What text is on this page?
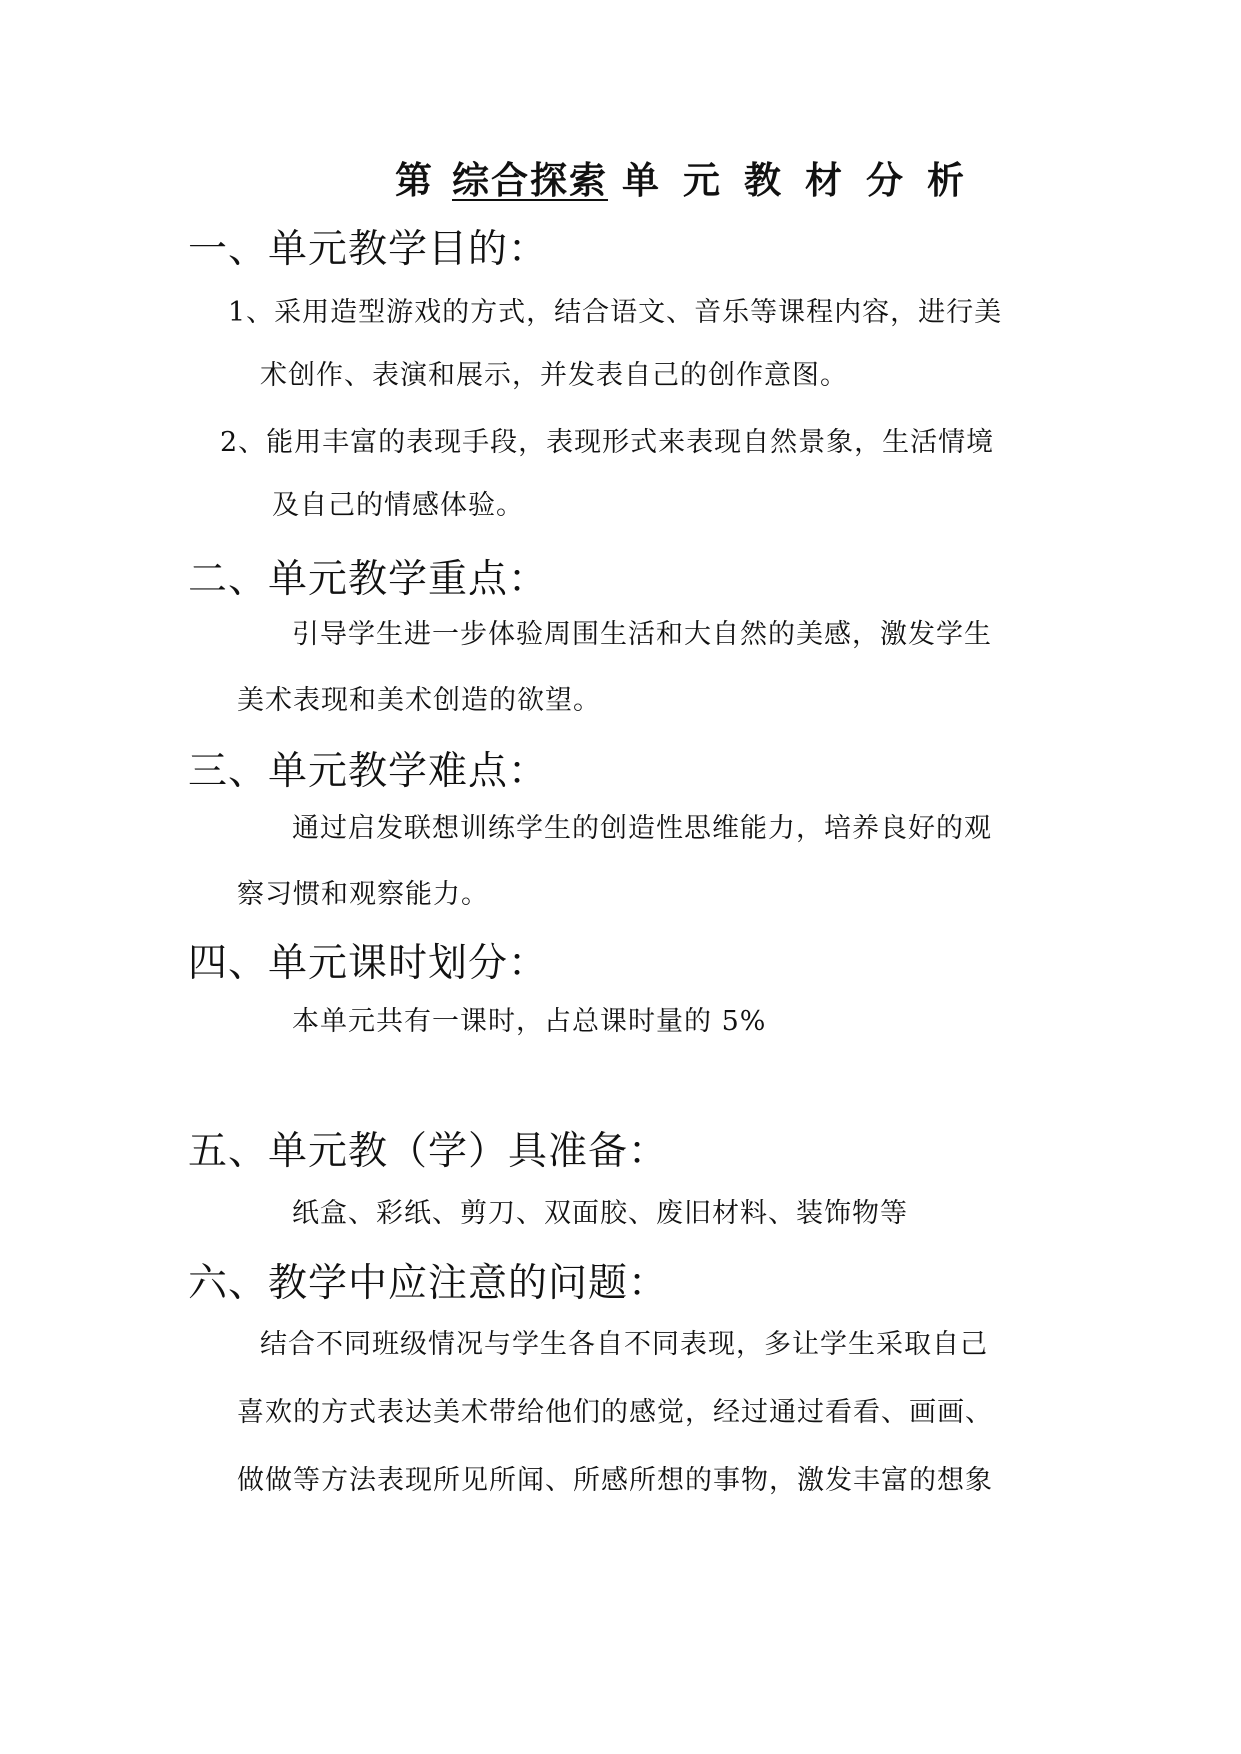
第 综合探索 单 元 教 材 分 析
一、单元教学目的：
1、采用造型游戏的方式，结合语文、音乐等课程内容，进行美
术创作、表演和展示，并发表自己的创作意图。
2、能用丰富的表现手段，表现形式来表现自然景象，生活情境
及自己的情感体验。
二、单元教学重点：
引导学生进一步体验周围生活和大自然的美感，激发学生
美术表现和美术创造的欲望。
三、单元教学难点：
通过启发联想训练学生的创造性思维能力，培养良好的观
察习惯和观察能力。
四、单元课时划分：
本单元共有一课时，占总课时量的 5%
五、单元教（学）具准备：
纸盒、彩纸、剪刀、双面胶、废旧材料、装饰物等
六、教学中应注意的问题：
结合不同班级情况与学生各自不同表现，多让学生采取自己
喜欢的方式表达美术带给他们的感觉，经过通过看看、画画、
做做等方法表现所见所闻、所感所想的事物，激发丰富的想象
